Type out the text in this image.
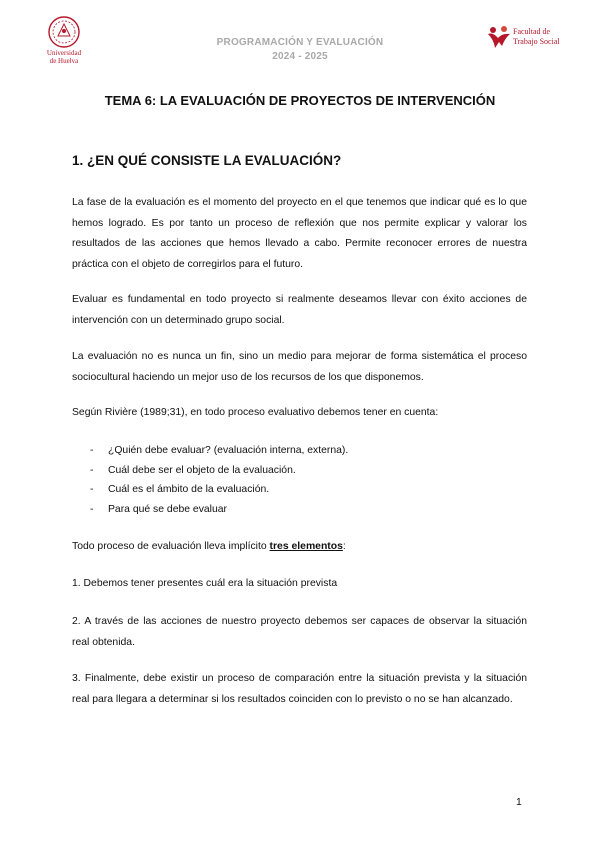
Universidad
de Huelva
PROGRAMACIÓN Y EVALUACIÓN
2024 - 2025
Facultad de
Trabajo Social
TEMA 6: LA EVALUACIÓN DE PROYECTOS DE INTERVENCIÓN
1. ¿EN QUÉ CONSISTE LA EVALUACIÓN?
La fase de la evaluación es el momento del proyecto en el que tenemos que indicar qué es lo que hemos logrado. Es por tanto un proceso de reflexión que nos permite explicar y valorar los resultados de las acciones que hemos llevado a cabo. Permite reconocer errores de nuestra práctica con el objeto de corregirlos para el futuro.
Evaluar es fundamental en todo proyecto si realmente deseamos llevar con éxito acciones de intervención con un determinado grupo social.
La evaluación no es nunca un fin, sino un medio para mejorar de forma sistemática el proceso sociocultural haciendo un mejor uso de los recursos de los que disponemos.
Según Rivière (1989;31), en todo proceso evaluativo debemos tener en cuenta:
- ¿Quién debe evaluar? (evaluación interna, externa).
- Cuál debe ser el objeto de la evaluación.
- Cuál es el ámbito de la evaluación.
- Para qué se debe evaluar
Todo proceso de evaluación lleva implícito tres elementos:
1. Debemos tener presentes cuál era la situación prevista
2. A través de las acciones de nuestro proyecto debemos ser capaces de observar la situación real obtenida.
3. Finalmente, debe existir un proceso de comparación entre la situación prevista y la situación real para llegara a determinar si los resultados coinciden con lo previsto o no se han alcanzado.
1
